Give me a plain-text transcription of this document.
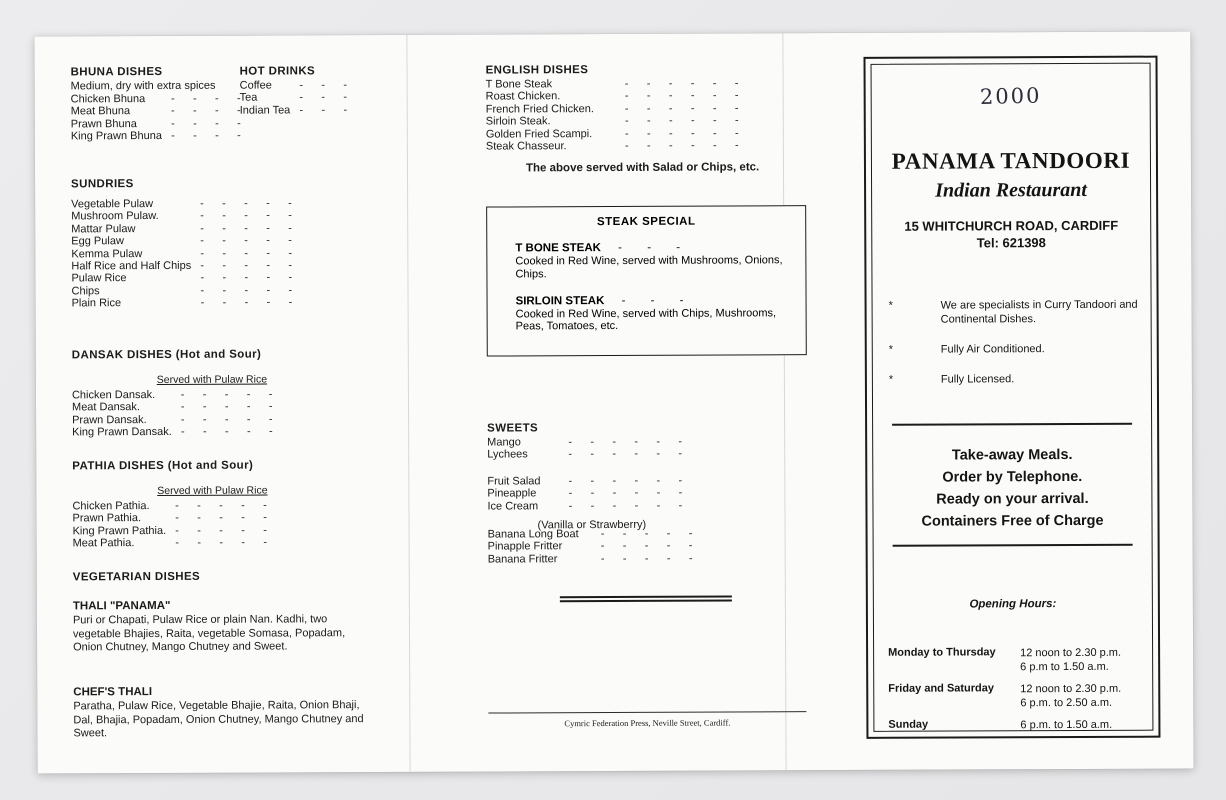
BHUNA DISHES
Medium, dry with extra spices
Chicken Bhuna	-	-	-	-
Meat Bhuna	-	-	-	-
Prawn Bhuna	-	-	-	-
King Prawn Bhuna	-	-	-	-
HOT DRINKS
Coffee	-	-	-
Tea	-	-	-
Indian Tea	-	-	-
SUNDRIES
Vegetable Pulaw	-	-	-	-	-
Mushroom Pulaw.	-	-	-	-	-
Mattar Pulaw	-	-	-	-	-
Egg Pulaw	-	-	-	-	-
Kemma Pulaw	-	-	-	-	-
Half Rice and Half Chips	-	-	-	-	-
Pulaw Rice	-	-	-	-	-
Chips	-	-	-	-	-
Plain Rice	-	-	-	-	-
DANSAK DISHES (Hot and Sour)
Served with Pulaw Rice
Chicken Dansak.	-	-	-	-	-
Meat Dansak.	-	-	-	-	-
Prawn Dansak.	-	-	-	-	-
King Prawn Dansak.	-	-	-	-	-
PATHIA DISHES (Hot and Sour)
Served with Pulaw Rice
Chicken Pathia.	-	-	-	-	-
Prawn Pathia.	-	-	-	-	-
King Prawn Pathia.	-	-	-	-	-
Meat Pathia.	-	-	-	-	-
VEGETARIAN DISHES
THALI "PANAMA"
Puri or Chapati, Pulaw Rice or plain Nan. Kadhi, two vegetable Bhajies, Raita, vegetable Somasa, Popadam, Onion Chutney, Mango Chutney and Sweet.
CHEF'S THALI
Paratha, Pulaw Rice, Vegetable Bhajie, Raita, Onion Bhaji, Dal, Bhajia, Popadam, Onion Chutney, Mango Chutney and Sweet.
ENGLISH DISHES
T Bone Steak	-	-	-	-	-	-
Roast Chicken.	-	-	-	-	-	-
French Fried Chicken.	-	-	-	-	-	-
Sirloin Steak.	-	-	-	-	-	-
Golden Fried Scampi.	-	-	-	-	-	-
Steak Chasseur.	-	-	-	-	-	-
The above served with Salad or Chips, etc.
STEAK SPECIAL
T BONE STEAK - - -
Cooked in Red Wine, served with Mushrooms, Onions, Chips.
SIRLOIN STEAK - - -
Cooked in Red Wine, served with Chips, Mushrooms, Peas, Tomatoes, etc.
SWEETS
Mango	-	-	-	-	-	-
Lychees	-	-	-	-	-	-
Fruit Salad	-	-	-	-	-	-
Pineapple	-	-	-	-	-	-
Ice Cream	-	-	-	-	-	-
Banana Long Boat	-	-	-	-	-
Pinapple Fritter	-	-	-	-	-
Banana Fritter	-	-	-	-	-
(Vanilla or Strawberry)
Cymric Federation Press, Neville Street, Cardiff.
2000
PANAMA TANDOORI
Indian Restaurant
15 WHITCHURCH ROAD, CARDIFF
Tel: 621398
*	We are specialists in Curry Tandoori and Continental Dishes.
*	Fully Air Conditioned.
*	Fully Licensed.
Take-away Meals.
Order by Telephone.
Ready on your arrival.
Containers Free of Charge
Opening Hours:
Monday to Thursday	12 noon to 2.30 p.m.
6 p.m to 1.50 a.m.
Friday and Saturday	12 noon to 2.30 p.m.
6 p.m. to 2.50 a.m.
Sunday	6 p.m. to 1.50 a.m.
